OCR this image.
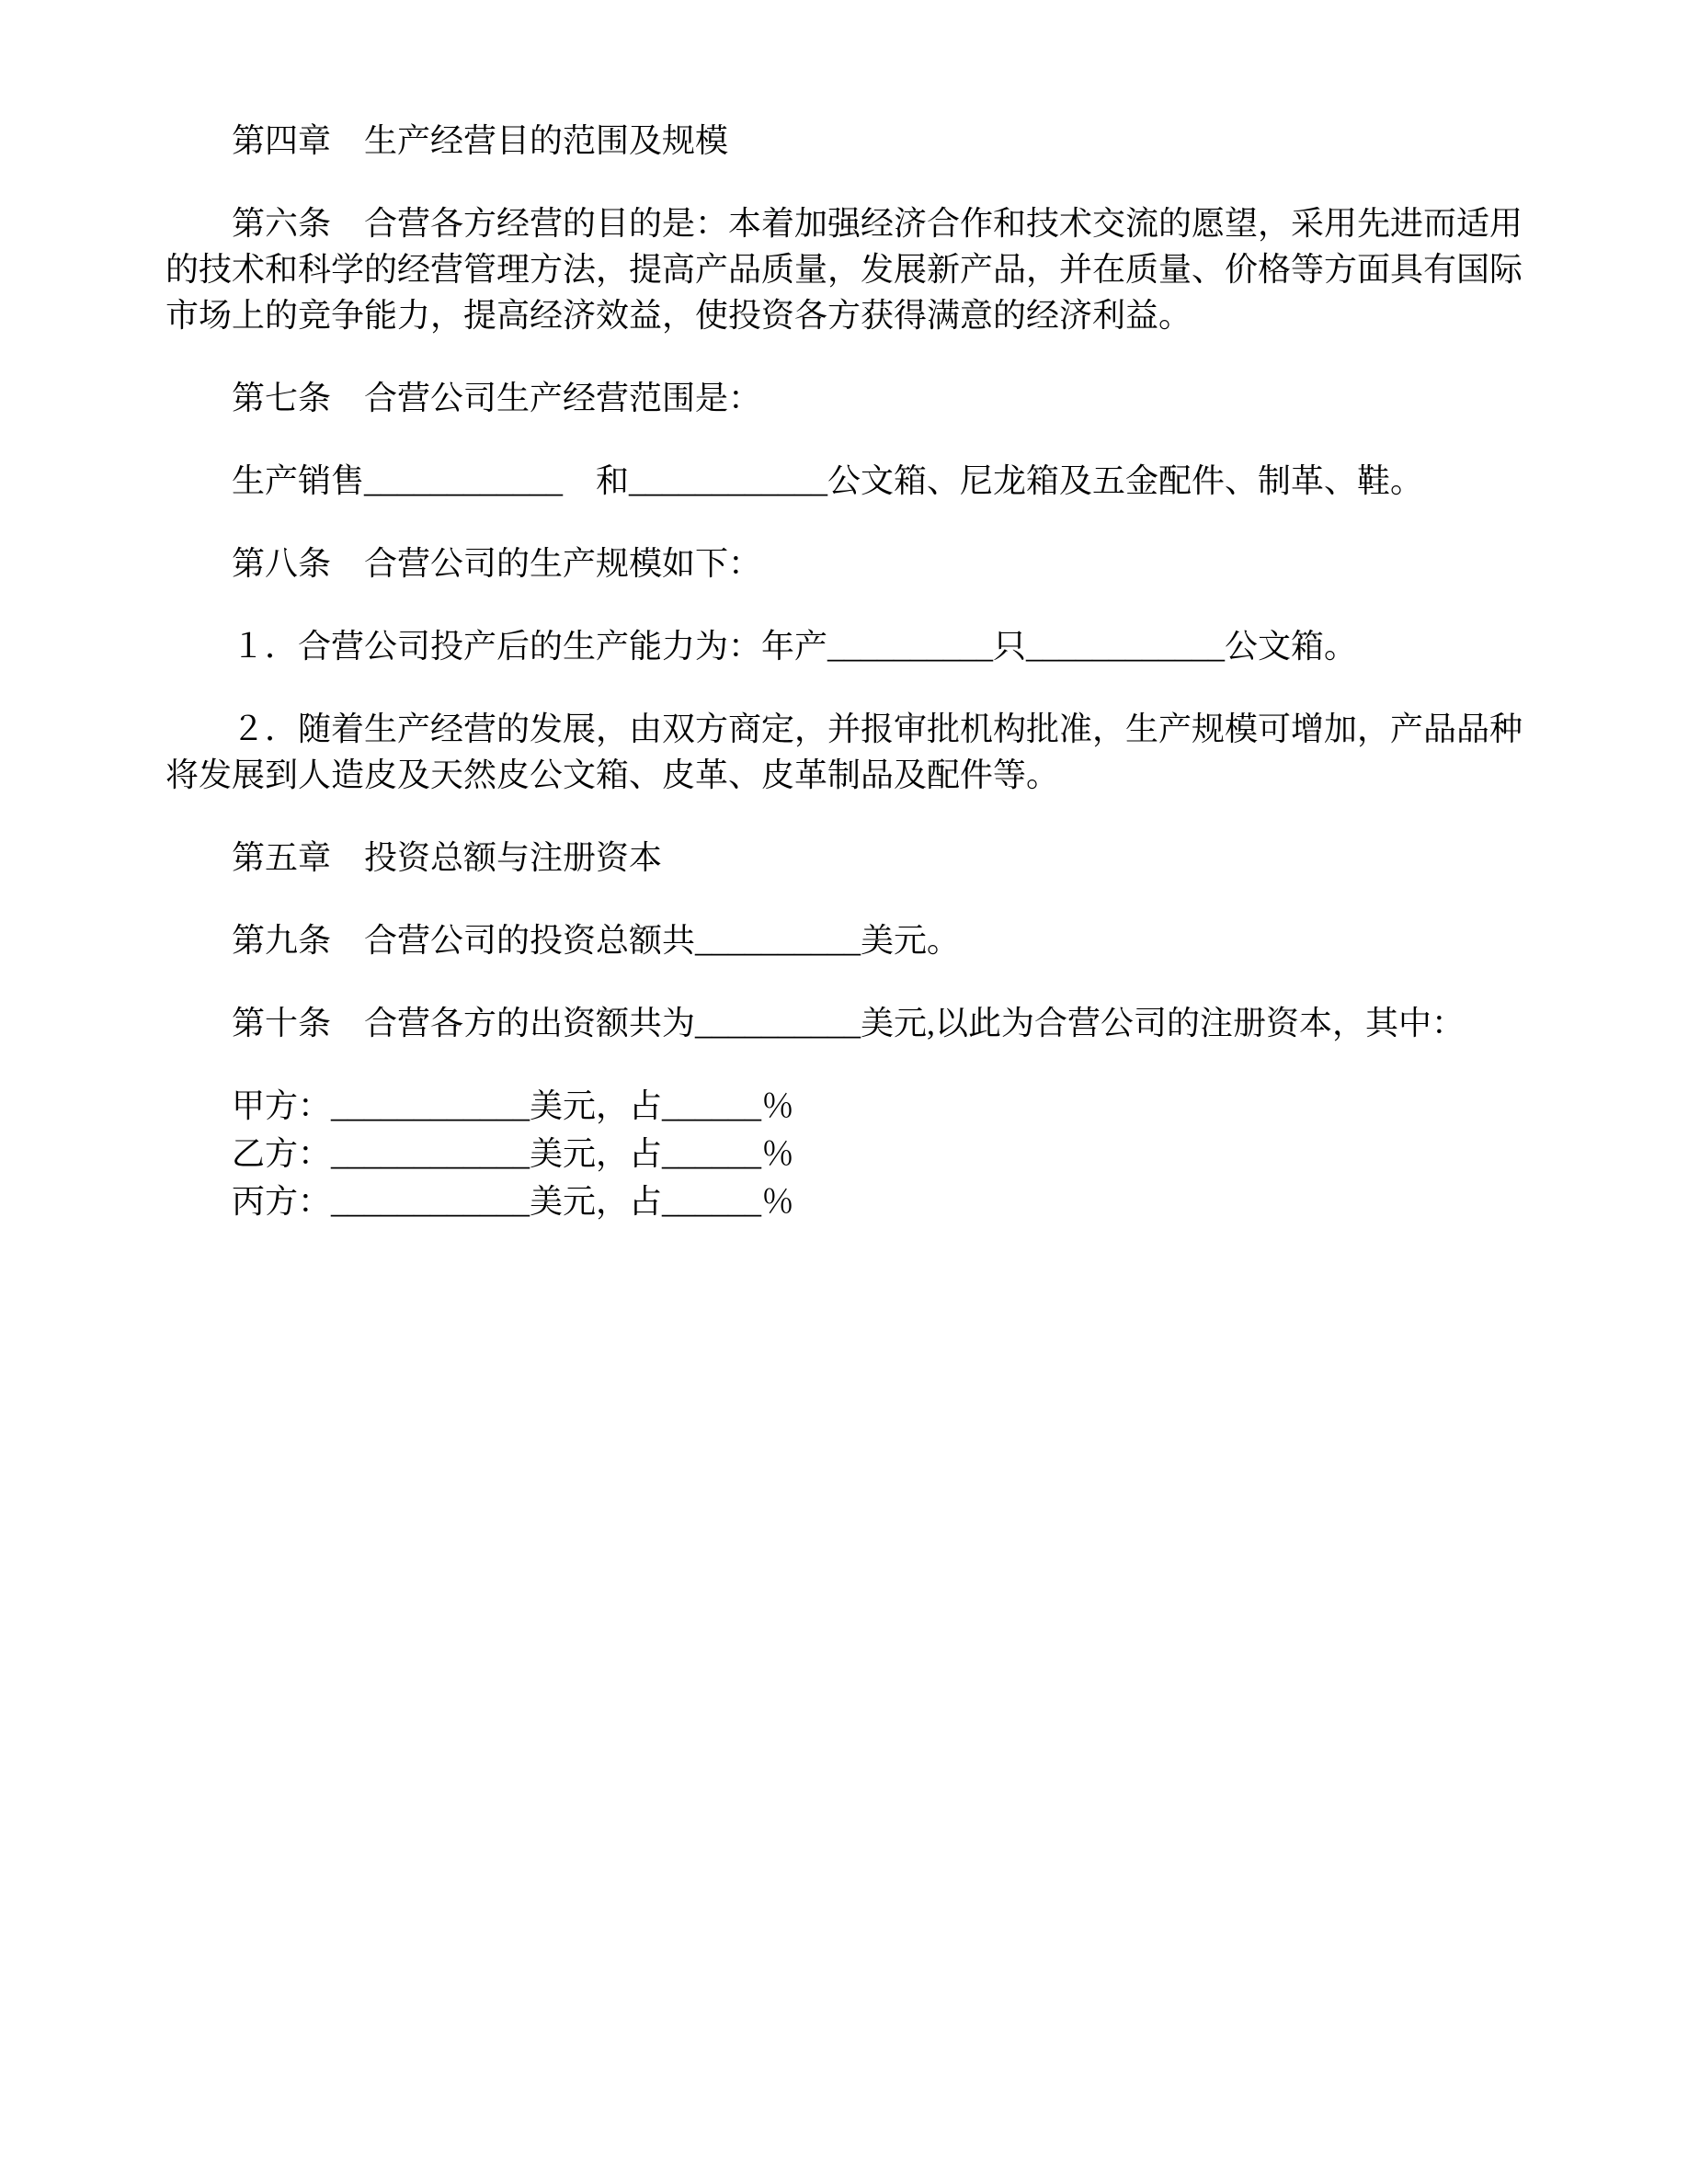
第四章　生产经营目的范围及规模

第六条　合营各方经营的目的是：本着加强经济合作和技术交流的愿望，采用先进而适用的技术和科学的经营管理方法，提高产品质量，发展新产品，并在质量、价格等方面具有国际市场上的竞争能力，提高经济效益，使投资各方获得满意的经济利益。

第七条　合营公司生产经营范围是：

生产销售____________　和____________公文箱、尼龙箱及五金配件、制革、鞋。

第八条　合营公司的生产规模如下：

１．合营公司投产后的生产能力为：年产__________只____________公文箱。

２．随着生产经营的发展，由双方商定，并报审批机构批准，生产规模可增加，产品品种将发展到人造皮及天然皮公文箱、皮革、皮革制品及配件等。

第五章　投资总额与注册资本

第九条　合营公司的投资总额共__________美元。

第十条　合营各方的出资额共为__________美元,以此为合营公司的注册资本，其中：

甲方：____________美元，占______％

乙方：____________美元，占______％

丙方：____________美元，占______％
